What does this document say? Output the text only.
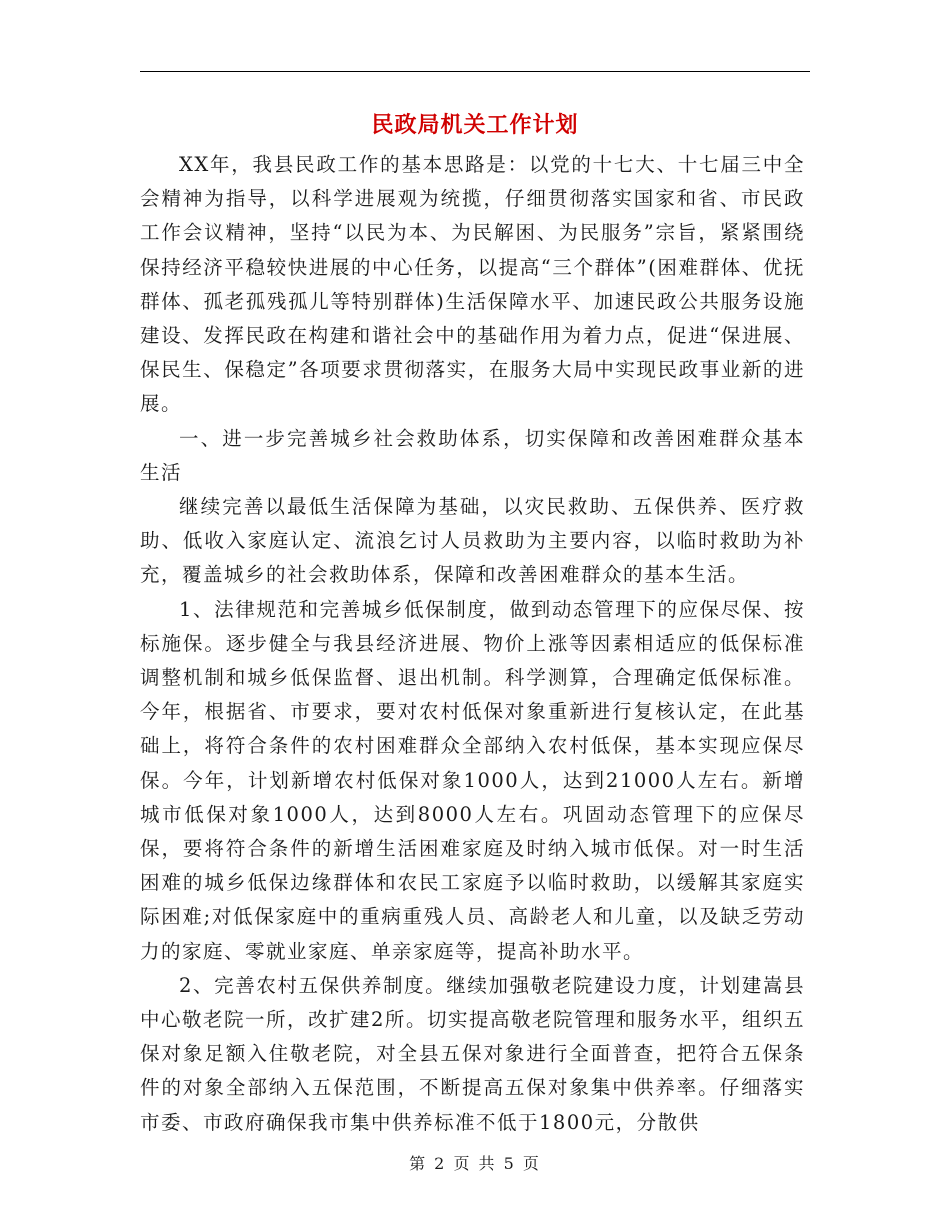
民政局机关工作计划

XX年，我县民政工作的基本思路是：以党的十七大、十七届三中全会精神为指导，以科学进展观为统揽，仔细贯彻落实国家和省、市民政工作会议精神，坚持“以民为本、为民解困、为民服务”宗旨，紧紧围绕保持经济平稳较快进展的中心任务，以提高“三个群体”(困难群体、优抚群体、孤老孤残孤儿等特别群体)生活保障水平、加速民政公共服务设施建设、发挥民政在构建和谐社会中的基础作用为着力点，促进“保进展、保民生、保稳定”各项要求贯彻落实，在服务大局中实现民政事业新的进展。

一、进一步完善城乡社会救助体系，切实保障和改善困难群众基本生活

继续完善以最低生活保障为基础，以灾民救助、五保供养、医疗救助、低收入家庭认定、流浪乞讨人员救助为主要内容，以临时救助为补充，覆盖城乡的社会救助体系，保障和改善困难群众的基本生活。

1、法律规范和完善城乡低保制度，做到动态管理下的应保尽保、按标施保。逐步健全与我县经济进展、物价上涨等因素相适应的低保标准调整机制和城乡低保监督、退出机制。科学测算，合理确定低保标准。今年，根据省、市要求，要对农村低保对象重新进行复核认定，在此基础上，将符合条件的农村困难群众全部纳入农村低保，基本实现应保尽保。今年，计划新增农村低保对象1000人，达到21000人左右。新增城市低保对象1000人，达到8000人左右。巩固动态管理下的应保尽保，要将符合条件的新增生活困难家庭及时纳入城市低保。对一时生活困难的城乡低保边缘群体和农民工家庭予以临时救助，以缓解其家庭实际困难;对低保家庭中的重病重残人员、高龄老人和儿童，以及缺乏劳动力的家庭、零就业家庭、单亲家庭等，提高补助水平。

2、完善农村五保供养制度。继续加强敬老院建设力度，计划建嵩县中心敬老院一所，改扩建2所。切实提高敬老院管理和服务水平，组织五保对象足额入住敬老院，对全县五保对象进行全面普查，把符合五保条件的对象全部纳入五保范围，不断提高五保对象集中供养率。仔细落实市委、市政府确保我市集中供养标准不低于1800元，分散供

第 2 页 共 5 页
